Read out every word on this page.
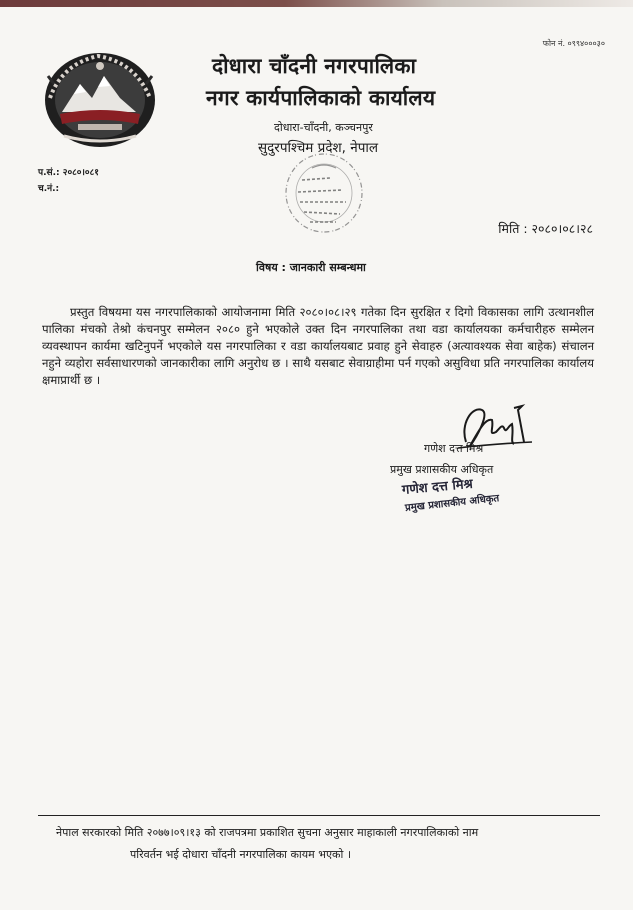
फोन नं. ०९९४०००३०
दोधारा चाँदनी नगरपालिका
नगर कार्यपालिकाको कार्यालय
दोधारा-चाँदनी, कञ्चनपुर
सुदुरपश्चिम प्रदेश, नेपाल
प.सं.: २०८०।०८१
च.नं.:
मिति : २०८०।०८।२८
विषय : जानकारी सम्बन्धमा

प्रस्तुत विषयमा यस नगरपालिकाको आयोजनामा मिति २०८०।०८।२९ गतेका दिन सुरक्षित र दिगो विकासका लागि उत्थानशील पालिका मंचको तेश्रो कंचनपुर सम्मेलन २०८० हुने भएकोले उक्त दिन नगरपालिका तथा वडा कार्यालयका कर्मचारीहरु सम्मेलन व्यवस्थापन कार्यमा खटिनुपर्ने भएकोले यस नगरपालिका र वडा कार्यालयबाट प्रवाह हुने सेवाहरु (अत्यावश्यक सेवा बाहेक) संचालन नहुने व्यहोरा सर्वसाधारणको जानकारीका लागि अनुरोध छ । साथै यसबाट सेवाग्राहीमा पर्न गएको असुविधा प्रति नगरपालिका कार्यालय क्षमाप्रार्थी छ ।

गणेश दत्त मिश्र
प्रमुख प्रशासकीय अधिकृत
गणेश दत्त मिश्र
प्रमुख प्रशासकीय अधिकृत
नेपाल सरकारको मिति २०७७।०९।१३ को राजपत्रमा प्रकाशित सुचना अनुसार माहाकाली नगरपालिकाको नाम
परिवर्तन भई दोधारा चाँदनी नगरपालिका कायम भएको ।
